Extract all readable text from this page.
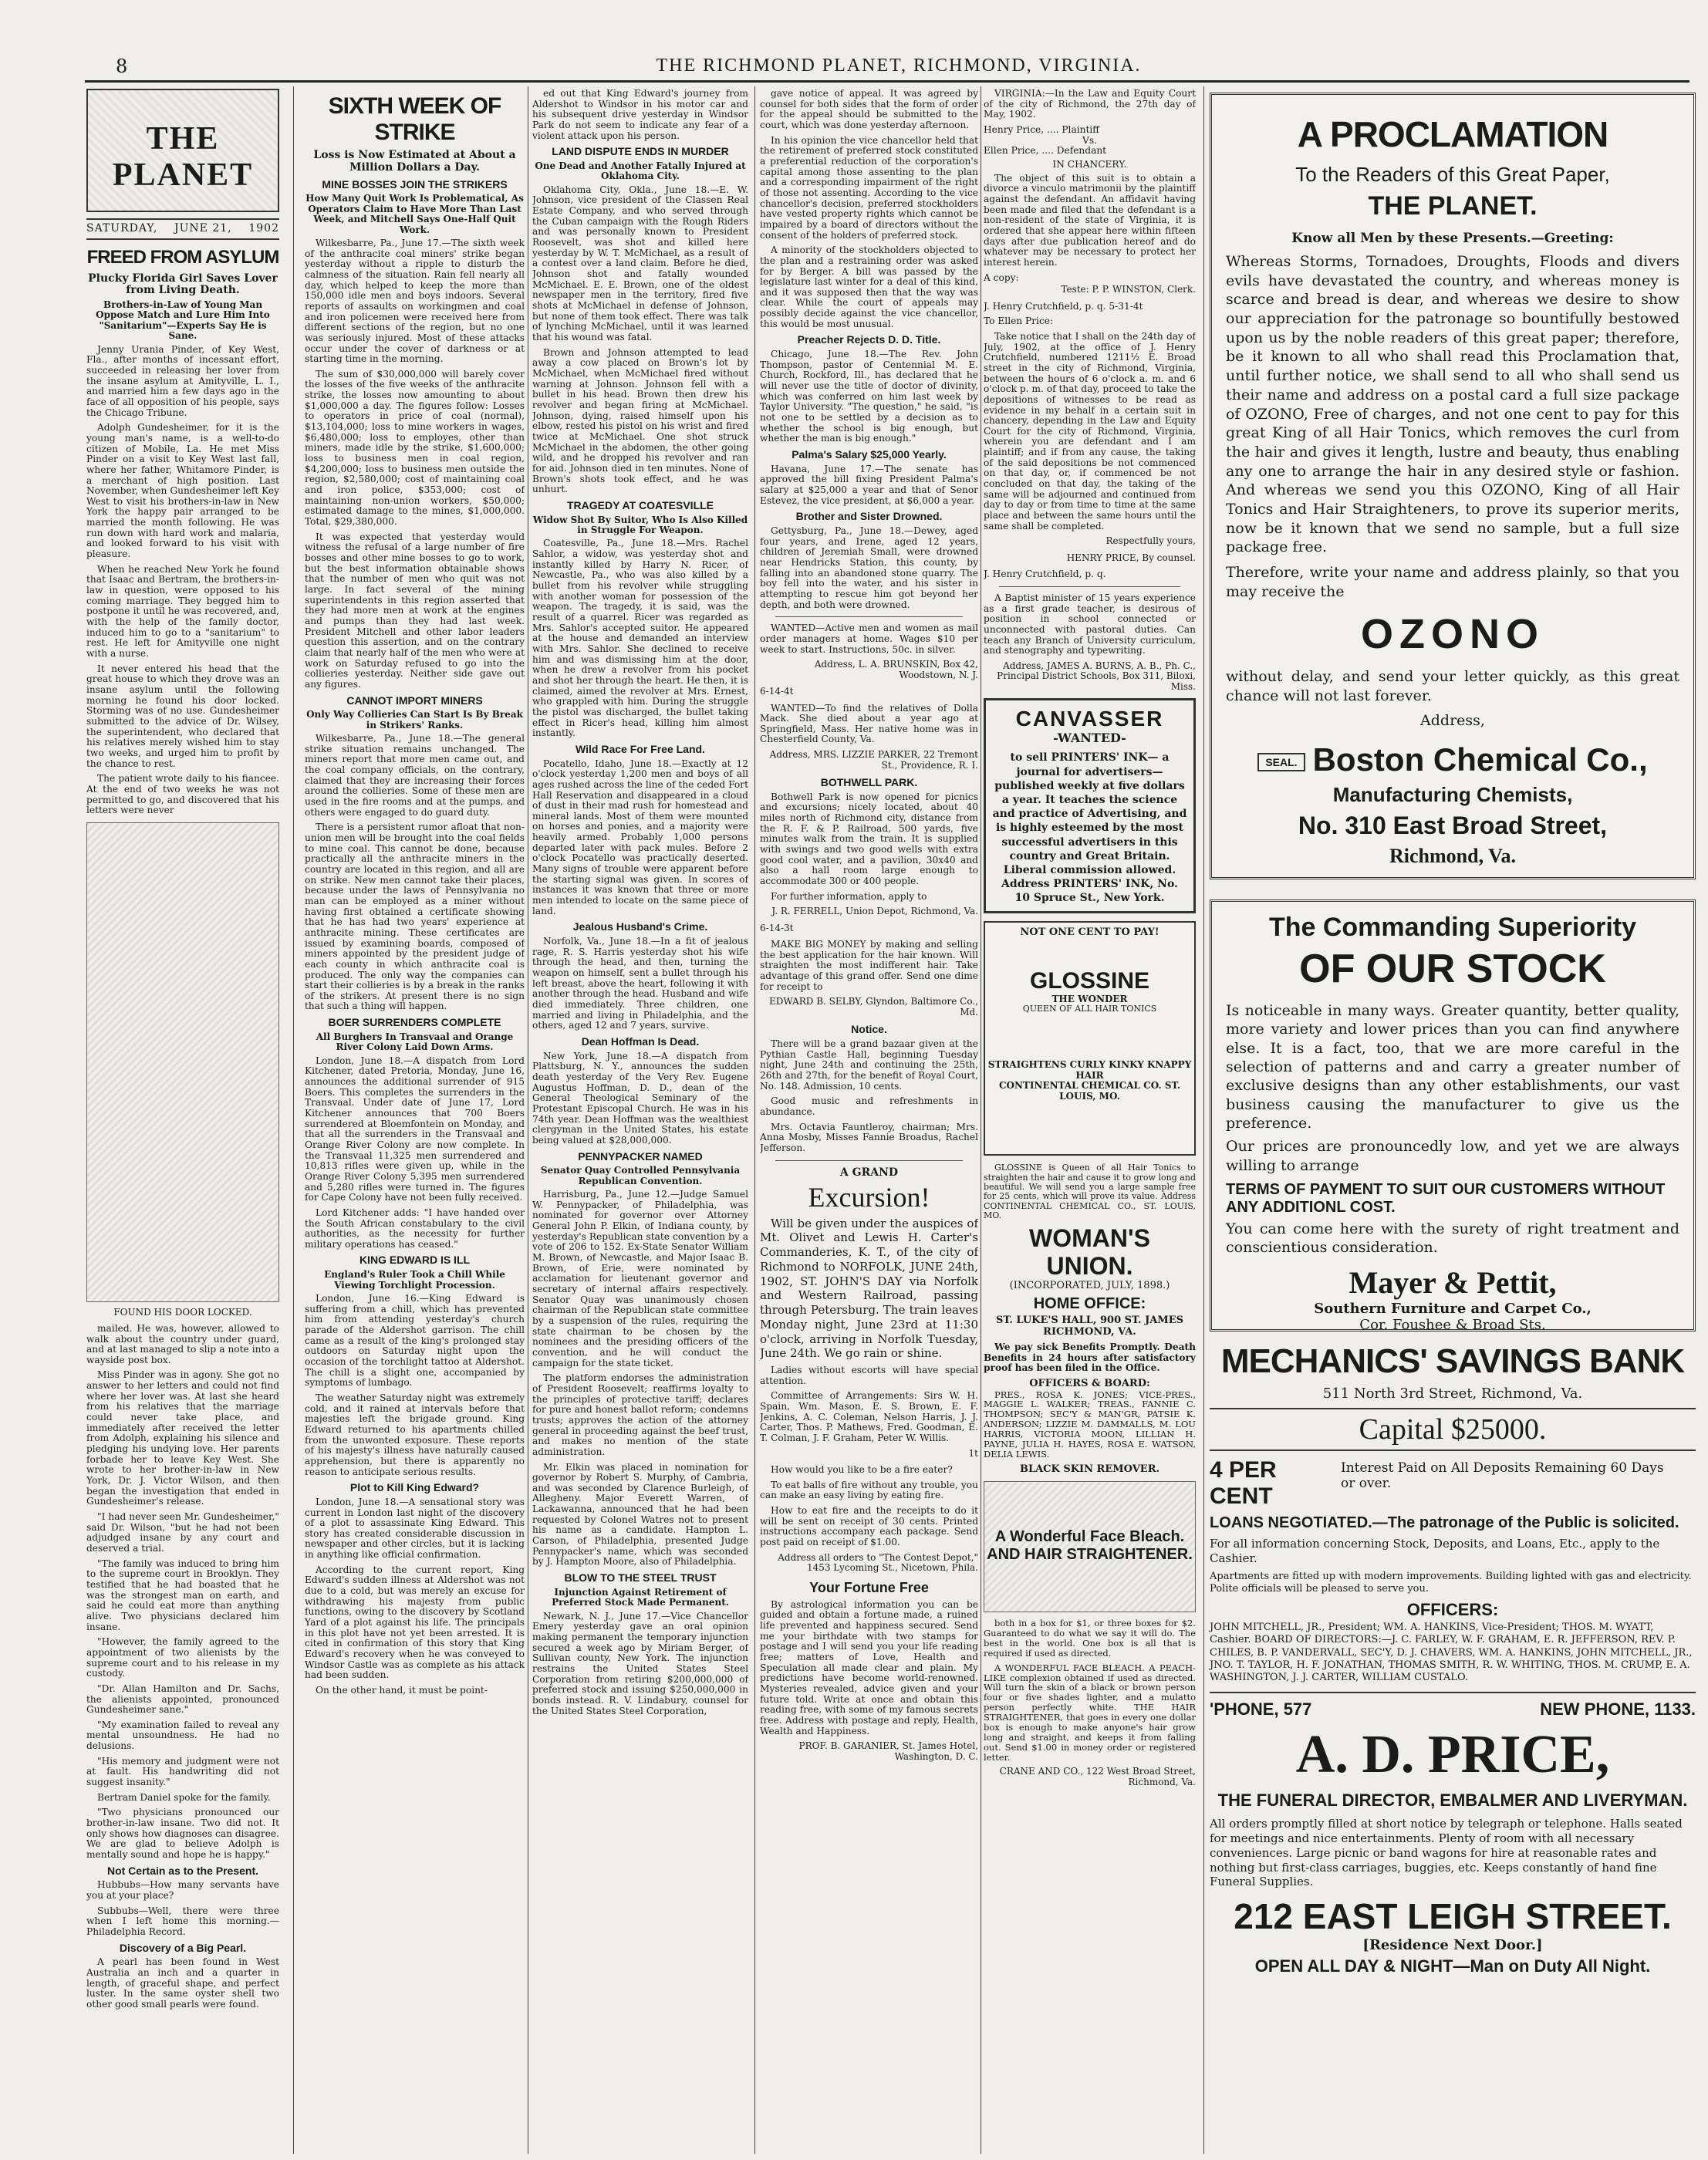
8	THE RICHMOND PLANET, RICHMOND, VIRGINIA.
THE PLANET
SATURDAY, JUNE 21, 1902
FREED FROM ASYLUM
Plucky Florida Girl Saves Lover from Living Death.
Brothers-in-Law of Young Man Oppose Match and Lure Him Into "Sanitarium"—Experts Say He is Sane.

Jenny Urania Pinder, of Key West, Fla., after months of incessant effort, succeeded in releasing her lover from the insane asylum at Amityville, L. I., and married him a few days ago in the face of all opposition of his people, says the Chicago Tribune.

Adolph Gundesheimer, for it is the young man's name, is a well-to-do citizen of Mobile, La. He met Miss Pinder on a visit to Key West last fall, where her father, Whitamore Pinder, is a merchant of high position. Last November, when Gundesheimer left Key West to visit his brothers-in-law in New York the happy pair arranged to be married the month following. He was run down with hard work and malaria, and looked forward to his visit with pleasure.

When he reached New York he found that Isaac and Bertram, the brothers-in-law in question, were opposed to his coming marriage. They begged him to postpone it until he was recovered, and, with the help of the family doctor, induced him to go to a "sanitarium" to rest. He left for Amityville one night with a nurse.

It never entered his head that the great house to which they drove was an insane asylum until the following morning he found his door locked. Storming was of no use. Gundesheimer submitted to the advice of Dr. Wilsey, the superintendent, who declared that his relatives merely wished him to stay two weeks, and urged him to profit by the chance to rest.

The patient wrote daily to his fiancee. At the end of two weeks he was not permitted to go, and discovered that his letters were never

FOUND HIS DOOR LOCKED.

mailed. He was, however, allowed to walk about the country under guard, and at last managed to slip a note into a wayside post box.

Miss Pinder was in agony. She got no answer to her letters and could not find where her lover was. At last she heard from his relatives that the marriage could never take place, and immediately after received the letter from Adolph, explaining his silence and pledging his undying love. Her parents forbade her to leave Key West. She wrote to her brother-in-law in New York, Dr. J. Victor Wilson, and then began the investigation that ended in Gundesheimer's release.

"I had never seen Mr. Gundesheimer," said Dr. Wilson, "but he had not been adjudged insane by any court and deserved a trial.

"The family was induced to bring him to the supreme court in Brooklyn. They testified that he had boasted that he was the strongest man on earth, and said he could eat more than anything alive. Two physicians declared him insane.

"However, the family agreed to the appointment of two alienists by the supreme court and to his release in my custody.

"Dr. Allan Hamilton and Dr. Sachs, the alienists appointed, pronounced Gundesheimer sane."

"My examination failed to reveal any mental unsoundness. He had no delusions.

"His memory and judgment were not at fault. His handwriting did not suggest insanity."

Bertram Daniel spoke for the family.

"Two physicians pronounced our brother-in-law insane. Two did not. It only shows how diagnoses can disagree. We are glad to believe Adolph is mentally sound and hope he is happy."

Not Certain as to the Present.

Hubbubs—How many servants have you at your place?

Subbubs—Well, there were three when I left home this morning.—Philadelphia Record.

Discovery of a Big Pearl.

A pearl has been found in West Australia an inch and a quarter in length, of graceful shape, and perfect luster. In the same oyster shell two other good small pearls were found.

SIXTH WEEK OF STRIKE
Loss is Now Estimated at About a Million Dollars a Day.
MINE BOSSES JOIN THE STRIKERS
How Many Quit Work Is Problematical, As Operators Claim to Have More Than Last Week, and Mitchell Says One-Half Quit Work.

Wilkesbarre, Pa., June 17.—The sixth week of the anthracite coal miners' strike began yesterday without a ripple to disturb the calmness of the situation. Rain fell nearly all day, which helped to keep the more than 150,000 idle men and boys indoors. Several reports of assaults on workingmen and coal and iron policemen were received here from different sections of the region, but no one was seriously injured. Most of these attacks occur under the cover of darkness or at starting time in the morning.

The sum of $30,000,000 will barely cover the losses of the five weeks of the anthracite strike, the losses now amounting to about $1,000,000 a day. The figures follow: Losses to operators in price of coal (normal), $13,104,000; loss to mine workers in wages, $6,480,000; loss to employes, other than miners, made idle by the strike, $1,600,000; loss to business men in coal region, $4,200,000; loss to business men outside the region, $2,580,000; cost of maintaining coal and iron police, $353,000; cost of maintaining non-union workers, $50,000; estimated damage to the mines, $1,000,000. Total, $29,380,000.

It was expected that yesterday would witness the refusal of a large number of fire bosses and other mine bosses to go to work, but the best information obtainable shows that the number of men who quit was not large. In fact several of the mining superintendents in this region asserted that they had more men at work at the engines and pumps than they had last week. President Mitchell and other labor leaders question this assertion, and on the contrary claim that nearly half of the men who were at work on Saturday refused to go into the collieries yesterday. Neither side gave out any figures.

CANNOT IMPORT MINERS
Only Way Collieries Can Start Is By Break in Strikers' Ranks.

Wilkesbarre, Pa., June 18.—The general strike situation remains unchanged. The miners report that more men came out, and the coal company officials, on the contrary, claimed that they are increasing their forces around the collieries. Some of these men are used in the fire rooms and at the pumps, and others were engaged to do guard duty.

There is a persistent rumor afloat that non-union men will be brought into the coal fields to mine coal. This cannot be done, because practically all the anthracite miners in the country are located in this region, and all are on strike. New men cannot take their places, because under the laws of Pennsylvania no man can be employed as a miner without having first obtained a certificate showing that he has had two years' experience at anthracite mining. These certificates are issued by examining boards, composed of miners appointed by the president judge of each county in which anthracite coal is produced. The only way the companies can start their collieries is by a break in the ranks of the strikers. At present there is no sign that such a thing will happen.

BOER SURRENDERS COMPLETE
All Burghers In Transvaal and Orange River Colony Laid Down Arms.

London, June 18.—A dispatch from Lord Kitchener, dated Pretoria, Monday, June 16, announces the additional surrender of 915 Boers. This completes the surrenders in the Transvaal. Under date of June 17, Lord Kitchener announces that 700 Boers surrendered at Bloemfontein on Monday, and that all the surrenders in the Transvaal and Orange River Colony are now complete. In the Transvaal 11,325 men surrendered and 10,813 rifles were given up, while in the Orange River Colony 5,395 men surrendered and 5,280 rifles were turned in. The figures for Cape Colony have not been fully received.

Lord Kitchener adds: "I have handed over the South African constabulary to the civil authorities, as the necessity for further military operations has ceased."

KING EDWARD IS ILL
England's Ruler Took a Chill While Viewing Torchlight Procession.

London, June 16.—King Edward is suffering from a chill, which has prevented him from attending yesterday's church parade of the Aldershot garrison. The chill came as a result of the king's prolonged stay outdoors on Saturday night upon the occasion of the torchlight tattoo at Aldershot. The chill is a slight one, accompanied by symptoms of lumbago.

The weather Saturday night was extremely cold, and it rained at intervals before that majesties left the brigade ground. King Edward returned to his apartments chilled from the unwonted exposure. These reports of his majesty's illness have naturally caused apprehension, but there is apparently no reason to anticipate serious results.

Plot to Kill King Edward?

London, June 18.—A sensational story was current in London last night of the discovery of a plot to assassinate King Edward. This story has created considerable discussion in newspaper and other circles, but it is lacking in anything like official confirmation.

According to the current report, King Edward's sudden illness at Aldershot was not due to a cold, but was merely an excuse for withdrawing his majesty from public functions, owing to the discovery by Scotland Yard of a plot against his life. The principals in this plot have not yet been arrested. It is cited in confirmation of this story that King Edward's recovery when he was conveyed to Windsor Castle was as complete as his attack had been sudden.

On the other hand, it must be point-

ed out that King Edward's journey from Aldershot to Windsor in his motor car and his subsequent drive yesterday in Windsor Park do not seem to indicate any fear of a violent attack upon his person.

LAND DISPUTE ENDS IN MURDER
One Dead and Another Fatally Injured at Oklahoma City.

Oklahoma City, Okla., June 18.—E. W. Johnson, vice president of the Classen Real Estate Company, and who served through the Cuban campaign with the Rough Riders and was personally known to President Roosevelt, was shot and killed here yesterday by W. T. McMichael, as a result of a contest over a land claim. Before he died, Johnson shot and fatally wounded McMichael. E. E. Brown, one of the oldest newspaper men in the territory, fired five shots at McMichael in defense of Johnson, but none of them took effect. There was talk of lynching McMichael, until it was learned that his wound was fatal.

Brown and Johnson attempted to lead away a cow placed on Brown's lot by McMichael, when McMichael fired without warning at Johnson. Johnson fell with a bullet in his head. Brown then drew his revolver and began firing at McMichael. Johnson, dying, raised himself upon his elbow, rested his pistol on his wrist and fired twice at McMichael. One shot struck McMichael in the abdomen, the other going wild, and he dropped his revolver and ran for aid. Johnson died in ten minutes. None of Brown's shots took effect, and he was unhurt.

TRAGEDY AT COATESVILLE
Widow Shot By Suitor, Who Is Also Killed in Struggle For Weapon.

Coatesville, Pa., June 18.—Mrs. Rachel Sahlor, a widow, was yesterday shot and instantly killed by Harry N. Ricer, of Newcastle, Pa., who was also killed by a bullet from his revolver while struggling with another woman for possession of the weapon. The tragedy, it is said, was the result of a quarrel. Ricer was regarded as Mrs. Sahlor's accepted suitor. He appeared at the house and demanded an interview with Mrs. Sahlor. She declined to receive him and was dismissing him at the door, when he drew a revolver from his pocket and shot her through the heart. He then, it is claimed, aimed the revolver at Mrs. Ernest, who grappled with him. During the struggle the pistol was discharged, the bullet taking effect in Ricer's head, killing him almost instantly.

Wild Race For Free Land.

Pocatello, Idaho, June 18.—Exactly at 12 o'clock yesterday 1,200 men and boys of all ages rushed across the line of the ceded Fort Hall Reservation and disappeared in a cloud of dust in their mad rush for homestead and mineral lands. Most of them were mounted on horses and ponies, and a majority were heavily armed. Probably 1,000 persons departed later with pack mules. Before 2 o'clock Pocatello was practically deserted. Many signs of trouble were apparent before the starting signal was given. In scores of instances it was known that three or more men intended to locate on the same piece of land.

Jealous Husband's Crime.

Norfolk, Va., June 18.—In a fit of jealous rage, R. S. Harris yesterday shot his wife through the head, and then, turning the weapon on himself, sent a bullet through his left breast, above the heart, following it with another through the head. Husband and wife died immediately. Three children, one married and living in Philadelphia, and the others, aged 12 and 7 years, survive.

Dean Hoffman Is Dead.

New York, June 18.—A dispatch from Plattsburg, N. Y., announces the sudden death yesterday of the Very Rev. Eugene Augustus Hoffman, D. D., dean of the General Theological Seminary of the Protestant Episcopal Church. He was in his 74th year. Dean Hoffman was the wealthiest clergyman in the United States, his estate being valued at $28,000,000.

PENNYPACKER NAMED
Senator Quay Controlled Pennsylvania Republican Convention.

Harrisburg, Pa., June 12.—Judge Samuel W. Pennypacker, of Philadelphia, was nominated for governor over Attorney General John P. Elkin, of Indiana county, by yesterday's Republican state convention by a vote of 206 to 152. Ex-State Senator William M. Brown, of Newcastle, and Major Isaac B. Brown, of Erie, were nominated by acclamation for lieutenant governor and secretary of internal affairs respectively. Senator Quay was unanimously chosen chairman of the Republican state committee by a suspension of the rules, requiring the state chairman to be chosen by the nominees and the presiding officers of the convention, and he will conduct the campaign for the state ticket.

The platform endorses the administration of President Roosevelt; reaffirms loyalty to the principles of protective tariff; declares for pure and honest ballot reform; condemns trusts; approves the action of the attorney general in proceeding against the beef trust, and makes no mention of the state administration.

Mr. Elkin was placed in nomination for governor by Robert S. Murphy, of Cambria, and was seconded by Clarence Burleigh, of Allegheny. Major Everett Warren, of Lackawanna, announced that he had been requested by Colonel Watres not to present his name as a candidate. Hampton L. Carson, of Philadelphia, presented Judge Pennypacker's name, which was seconded by J. Hampton Moore, also of Philadelphia.

BLOW TO THE STEEL TRUST
Injunction Against Retirement of Preferred Stock Made Permanent.

Newark, N. J., June 17.—Vice Chancellor Emery yesterday gave an oral opinion making permanent the temporary injunction secured a week ago by Miriam Berger, of Sullivan county, New York. The injunction restrains the United States Steel Corporation from retiring $200,000,000 of preferred stock and issuing $250,000,000 in bonds instead. R. V. Lindabury, counsel for the United States Steel Corporation,

gave notice of appeal. It was agreed by counsel for both sides that the form of order for the appeal should be submitted to the court, which was done yesterday afternoon.

In his opinion the vice chancellor held that the retirement of preferred stock constituted a preferential reduction of the corporation's capital among those assenting to the plan and a corresponding impairment of the right of those not assenting. According to the vice chancellor's decision, preferred stockholders have vested property rights which cannot be impaired by a board of directors without the consent of the holders of preferred stock.

A minority of the stockholders objected to the plan and a restraining order was asked for by Berger. A bill was passed by the legislature last winter for a deal of this kind, and it was supposed then that the way was clear. While the court of appeals may possibly decide against the vice chancellor, this would be most unusual.

Preacher Rejects D. D. Title.

Chicago, June 18.—The Rev. John Thompson, pastor of Centennial M. E. Church, Rockford, Ill., has declared that he will never use the title of doctor of divinity, which was conferred on him last week by Taylor University. "The question," he said, "is not one to be settled by a decision as to whether the school is big enough, but whether the man is big enough."

Palma's Salary $25,000 Yearly.

Havana, June 17.—The senate has approved the bill fixing President Palma's salary at $25,000 a year and that of Senor Estevez, the vice president, at $6,000 a year.

Brother and Sister Drowned.

Gettysburg, Pa., June 18.—Dewey, aged four years, and Irene, aged 12 years, children of Jeremiah Small, were drowned near Hendricks Station, this county, by falling into an abandoned stone quarry. The boy fell into the water, and his sister in attempting to rescue him got beyond her depth, and both were drowned.

WANTED—Active men and women as mail order managers at home. Wages $10 per week to start. Instructions, 50c. in silver.

Address, L. A. BRUNSKIN, Box 42, Woodstown, N. J.
6-14-4t

WANTED—To find the relatives of Dolla Mack. She died about a year ago at Springfield, Mass. Her native home was in Chesterfield County, Va.

Address, MRS. LIZZIE PARKER, 22 Tremont St., Providence, R. I.
BOTHWELL PARK.

Bothwell Park is now opened for picnics and excursions; nicely located, about 40 miles north of Richmond city, distance from the R. F. & P. Railroad, 500 yards, five minutes walk from the train. It is supplied with swings and two good wells with extra good cool water, and a pavilion, 30x40 and also a hall room large enough to accommodate 300 or 400 people.

For further information, apply to

J. R. FERRELL, Union Depot, Richmond, Va.
6-14-3t

MAKE BIG MONEY by making and selling the best application for the hair known. Will straighten the most indifferent hair. Take advantage of this grand offer. Send one dime for receipt to

EDWARD B. SELBY, Glyndon, Baltimore Co., Md.
Notice.

There will be a grand bazaar given at the Pythian Castle Hall, beginning Tuesday night, June 24th and continuing the 25th, 26th and 27th, for the benefit of Royal Court, No. 148. Admission, 10 cents.

Good music and refreshments in abundance.

Mrs. Octavia Fauntleroy, chairman; Mrs. Anna Mosby, Misses Fannie Broadus, Rachel Jefferson.

A GRAND
Excursion!

Will be given under the auspices of Mt. Olivet and Lewis H. Carter's Commanderies, K. T., of the city of Richmond to NORFOLK, JUNE 24th, 1902, ST. JOHN'S DAY via Norfolk and Western Railroad, passing through Petersburg. The train leaves Monday night, June 23rd at 11:30 o'clock, arriving in Norfolk Tuesday, June 24th. We go rain or shine.

Ladies without escorts will have special attention.

Committee of Arrangements: Sirs W. H. Spain, Wm. Mason, E. S. Brown, E. F. Jenkins, A. C. Coleman, Nelson Harris, J. J. Carter, Thos. P. Mathews, Fred. Goodman, E. T. Colman, J. F. Graham, Peter W. Willis.

1t

How would you like to be a fire eater?

To eat balls of fire without any trouble, you can make an easy living by eating fire.

How to eat fire and the receipts to do it will be sent on receipt of 30 cents. Printed instructions accompany each package. Send post paid on receipt of $1.00.

Address all orders to "The Contest Depot," 1453 Lycoming St., Nicetown, Phila.
Your Fortune Free

By astrological information you can be guided and obtain a fortune made, a ruined life prevented and happiness secured. Send me your birthdate with two stamps for postage and I will send you your life reading free; matters of Love, Health and Speculation all made clear and plain. My predictions have become world-renowned. Mysteries revealed, advice given and your future told. Write at once and obtain this reading free, with some of my famous secrets free. Address with postage and reply, Health, Wealth and Happiness.

PROF. B. GARANIER, St. James Hotel, Washington, D. C.

VIRGINIA:—In the Law and Equity Court of the city of Richmond, the 27th day of May, 1902.

Henry Price, .... Plaintiff
Vs.
Ellen Price, .... Defendant
IN CHANCERY.

The object of this suit is to obtain a divorce a vinculo matrimonii by the plaintiff against the defendant. An affidavit having been made and filed that the defendant is a non-resident of the state of Virginia, it is ordered that she appear here within fifteen days after due publication hereof and do whatever may be necessary to protect her interest herein.

A copy:
Teste: P. P. WINSTON, Clerk.
J. Henry Crutchfield, p. q. 5-31-4t
To Ellen Price:

Take notice that I shall on the 24th day of July, 1902, at the office of J. Henry Crutchfield, numbered 1211½ E. Broad street in the city of Richmond, Virginia, between the hours of 6 o'clock a. m. and 6 o'clock p. m. of that day, proceed to take the depositions of witnesses to be read as evidence in my behalf in a certain suit in chancery, depending in the Law and Equity Court for the city of Richmond, Virginia, wherein you are defendant and I am plaintiff; and if from any cause, the taking of the said depositions be not commenced on that day, or, if commenced be not concluded on that day, the taking of the same will be adjourned and continued from day to day or from time to time at the same place and between the same hours until the same shall be completed.

Respectfully yours,
HENRY PRICE, By counsel.
J. Henry Crutchfield, p. q.

A Baptist minister of 15 years experience as a first grade teacher, is desirous of position in school connected or unconnected with pastoral duties. Can teach any Branch of University curriculum, and stenography and typewriting.

Address, JAMES A. BURNS, A. B., Ph. C., Principal District Schools, Box 311, Biloxi, Miss.
CANVASSER
-WANTED-
to sell PRINTERS' INK— a journal for advertisers— published weekly at five dollars a year. It teaches the science and practice of Advertising, and is highly esteemed by the most successful advertisers in this country and Great Britain. Liberal commission allowed. Address PRINTERS' INK, No. 10 Spruce St., New York.
NOT ONE CENT TO PAY!
GLOSSINE
THE WONDER
QUEEN OF ALL HAIR TONICS
STRAIGHTENS CURLY KINKY KNAPPY HAIR
CONTINENTAL CHEMICAL CO. ST. LOUIS, MO.

GLOSSINE is Queen of all Hair Tonics to straighten the hair and cause it to grow long and beautiful. We will send you a large sample free for 25 cents, which will prove its value. Address CONTINENTAL CHEMICAL CO., ST. LOUIS, MO.

WOMAN'S UNION.
(INCORPORATED, JULY, 1898.)
HOME OFFICE:
ST. LUKE'S HALL, 900 ST. JAMES RICHMOND, VA.

We pay sick Benefits Promptly. Death Benefits in 24 hours after satisfactory proof has been filed in the Office.

OFFICERS & BOARD:

PRES., ROSA K. JONES; VICE-PRES., MAGGIE L. WALKER; TREAS., FANNIE C. THOMPSON; SEC'Y & MAN'GR, PATSIE K. ANDERSON; LIZZIE M. DAMMALLS, M. LOU HARRIS, VICTORIA MOON, LILLIAN H. PAYNE, JULIA H. HAYES, ROSA E. WATSON, DELIA LEWIS.

BLACK SKIN REMOVER.
A Wonderful Face Bleach. AND HAIR STRAIGHTENER.

both in a box for $1, or three boxes for $2. Guaranteed to do what we say it will do. The best in the world. One box is all that is required if used as directed.

A WONDERFUL FACE BLEACH. A PEACH-LIKE complexion obtained if used as directed. Will turn the skin of a black or brown person four or five shades lighter, and a mulatto person perfectly white. THE HAIR STRAIGHTENER, that goes in every one dollar box is enough to make anyone's hair grow long and straight, and keeps it from falling out. Send $1.00 in money order or registered letter.

CRANE AND CO., 122 West Broad Street, Richmond, Va.
A PROCLAMATION
To the Readers of this Great Paper,
THE PLANET.
Know all Men by these Presents.—Greeting:
Whereas Storms, Tornadoes, Droughts, Floods and divers evils have devastated the country, and whereas money is scarce and bread is dear, and whereas we desire to show our appreciation for the patronage so bountifully bestowed upon us by the noble readers of this great paper; therefore, be it known to all who shall read this Proclamation that, until further notice, we shall send to all who shall send us their name and address on a postal card a full size package of OZONO, Free of charges, and not one cent to pay for this great King of all Hair Tonics, which removes the curl from the hair and gives it length, lustre and beauty, thus enabling any one to arrange the hair in any desired style or fashion. And whereas we send you this OZONO, King of all Hair Tonics and Hair Straighteners, to prove its superior merits, now be it known that we send no sample, but a full size package free.
Therefore, write your name and address plainly, so that you may receive the
OZONO
without delay, and send your letter quickly, as this great chance will not last forever.
Address,
SEAL. Boston Chemical Co.,
Manufacturing Chemists,
No. 310 East Broad Street,
Richmond, Va.
The Commanding Superiority
OF OUR STOCK
Is noticeable in many ways. Greater quantity, better quality, more variety and lower prices than you can find anywhere else. It is a fact, too, that we are more careful in the selection of patterns and and carry a greater number of exclusive designs than any other establishments, our vast business causing the manufacturer to give us the preference.
Our prices are pronouncedly low, and yet we are always willing to arrange
TERMS OF PAYMENT TO SUIT OUR CUSTOMERS WITHOUT ANY ADDITIONL COST.
You can come here with the surety of right treatment and conscientious consideration.
Mayer & Pettit,
Southern Furniture and Carpet Co.,
Cor. Foushee & Broad Sts.
MECHANICS' SAVINGS BANK
511 North 3rd Street, Richmond, Va.
Capital $25000.
4 PER CENTInterest Paid on All Deposits Remaining 60 Days or over.
LOANS NEGOTIATED.—The patronage of the Public is solicited.
For all information concerning Stock, Deposits, and Loans, Etc., apply to the Cashier.
Apartments are fitted up with modern improvements. Building lighted with gas and electricity. Polite officials will be pleased to serve you.
OFFICERS:
JOHN MITCHELL, JR., President; WM. A. HANKINS, Vice-President; THOS. M. WYATT, Cashier. BOARD OF DIRECTORS:—J. C. FARLEY, W. F. GRAHAM, E. R. JEFFERSON, REV. P. CHILES, B. P. VANDERVALL, SEC'Y, D. J. CHAVERS, WM. A. HANKINS, JOHN MITCHELL, JR., JNO. T. TAYLOR, H. F. JONATHAN, THOMAS SMITH, R. W. WHITING, THOS. M. CRUMP, E. A. WASHINGTON, J. J. CARTER, WILLIAM CUSTALO.
'PHONE, 577	NEW PHONE, 1133.
A. D. PRICE,
THE FUNERAL DIRECTOR, EMBALMER AND LIVERYMAN.
All orders promptly filled at short notice by telegraph or telephone. Halls seated for meetings and nice entertainments. Plenty of room with all necessary conveniences. Large picnic or band wagons for hire at reasonable rates and nothing but first-class carriages, buggies, etc. Keeps constantly of hand fine Funeral Supplies.
212 EAST LEIGH STREET.
[Residence Next Door.]
OPEN ALL DAY & NIGHT—Man on Duty All Night.
